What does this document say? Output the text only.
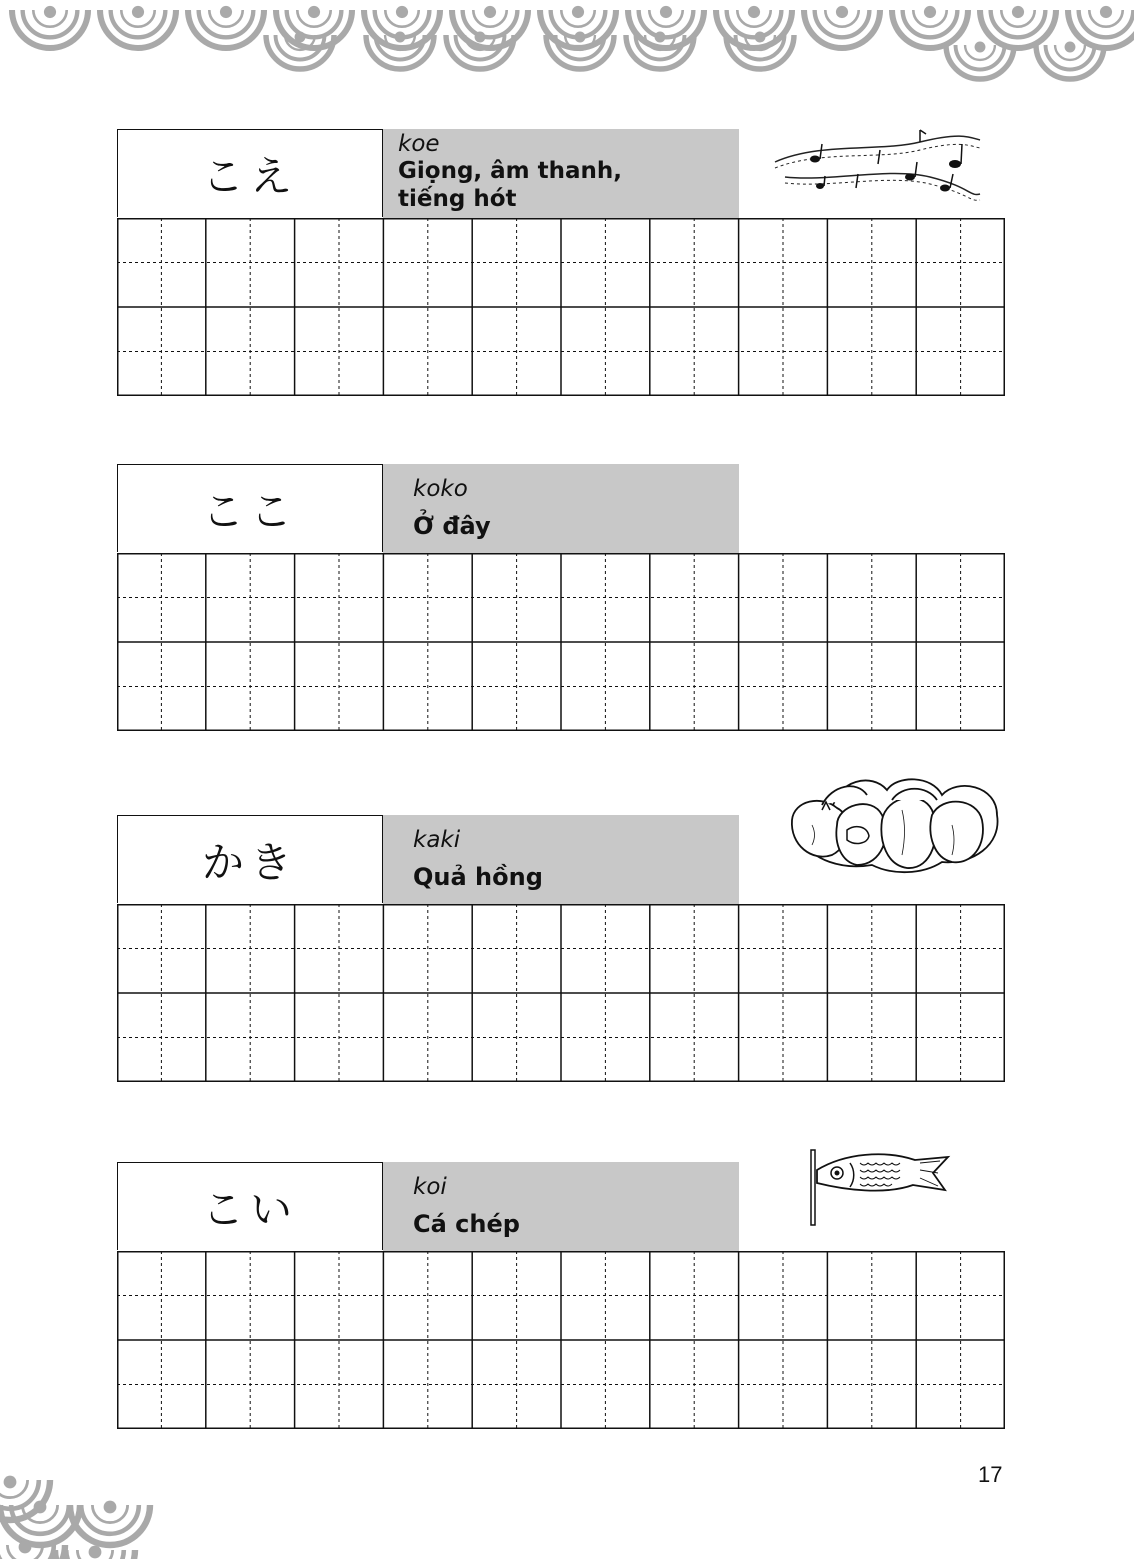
こえ
koe
Giọng, âm thanh, tiếng hót
ここ	koko
Ở đây
かき	kaki
Quả hồng
こい	koi
Cá chép
17
